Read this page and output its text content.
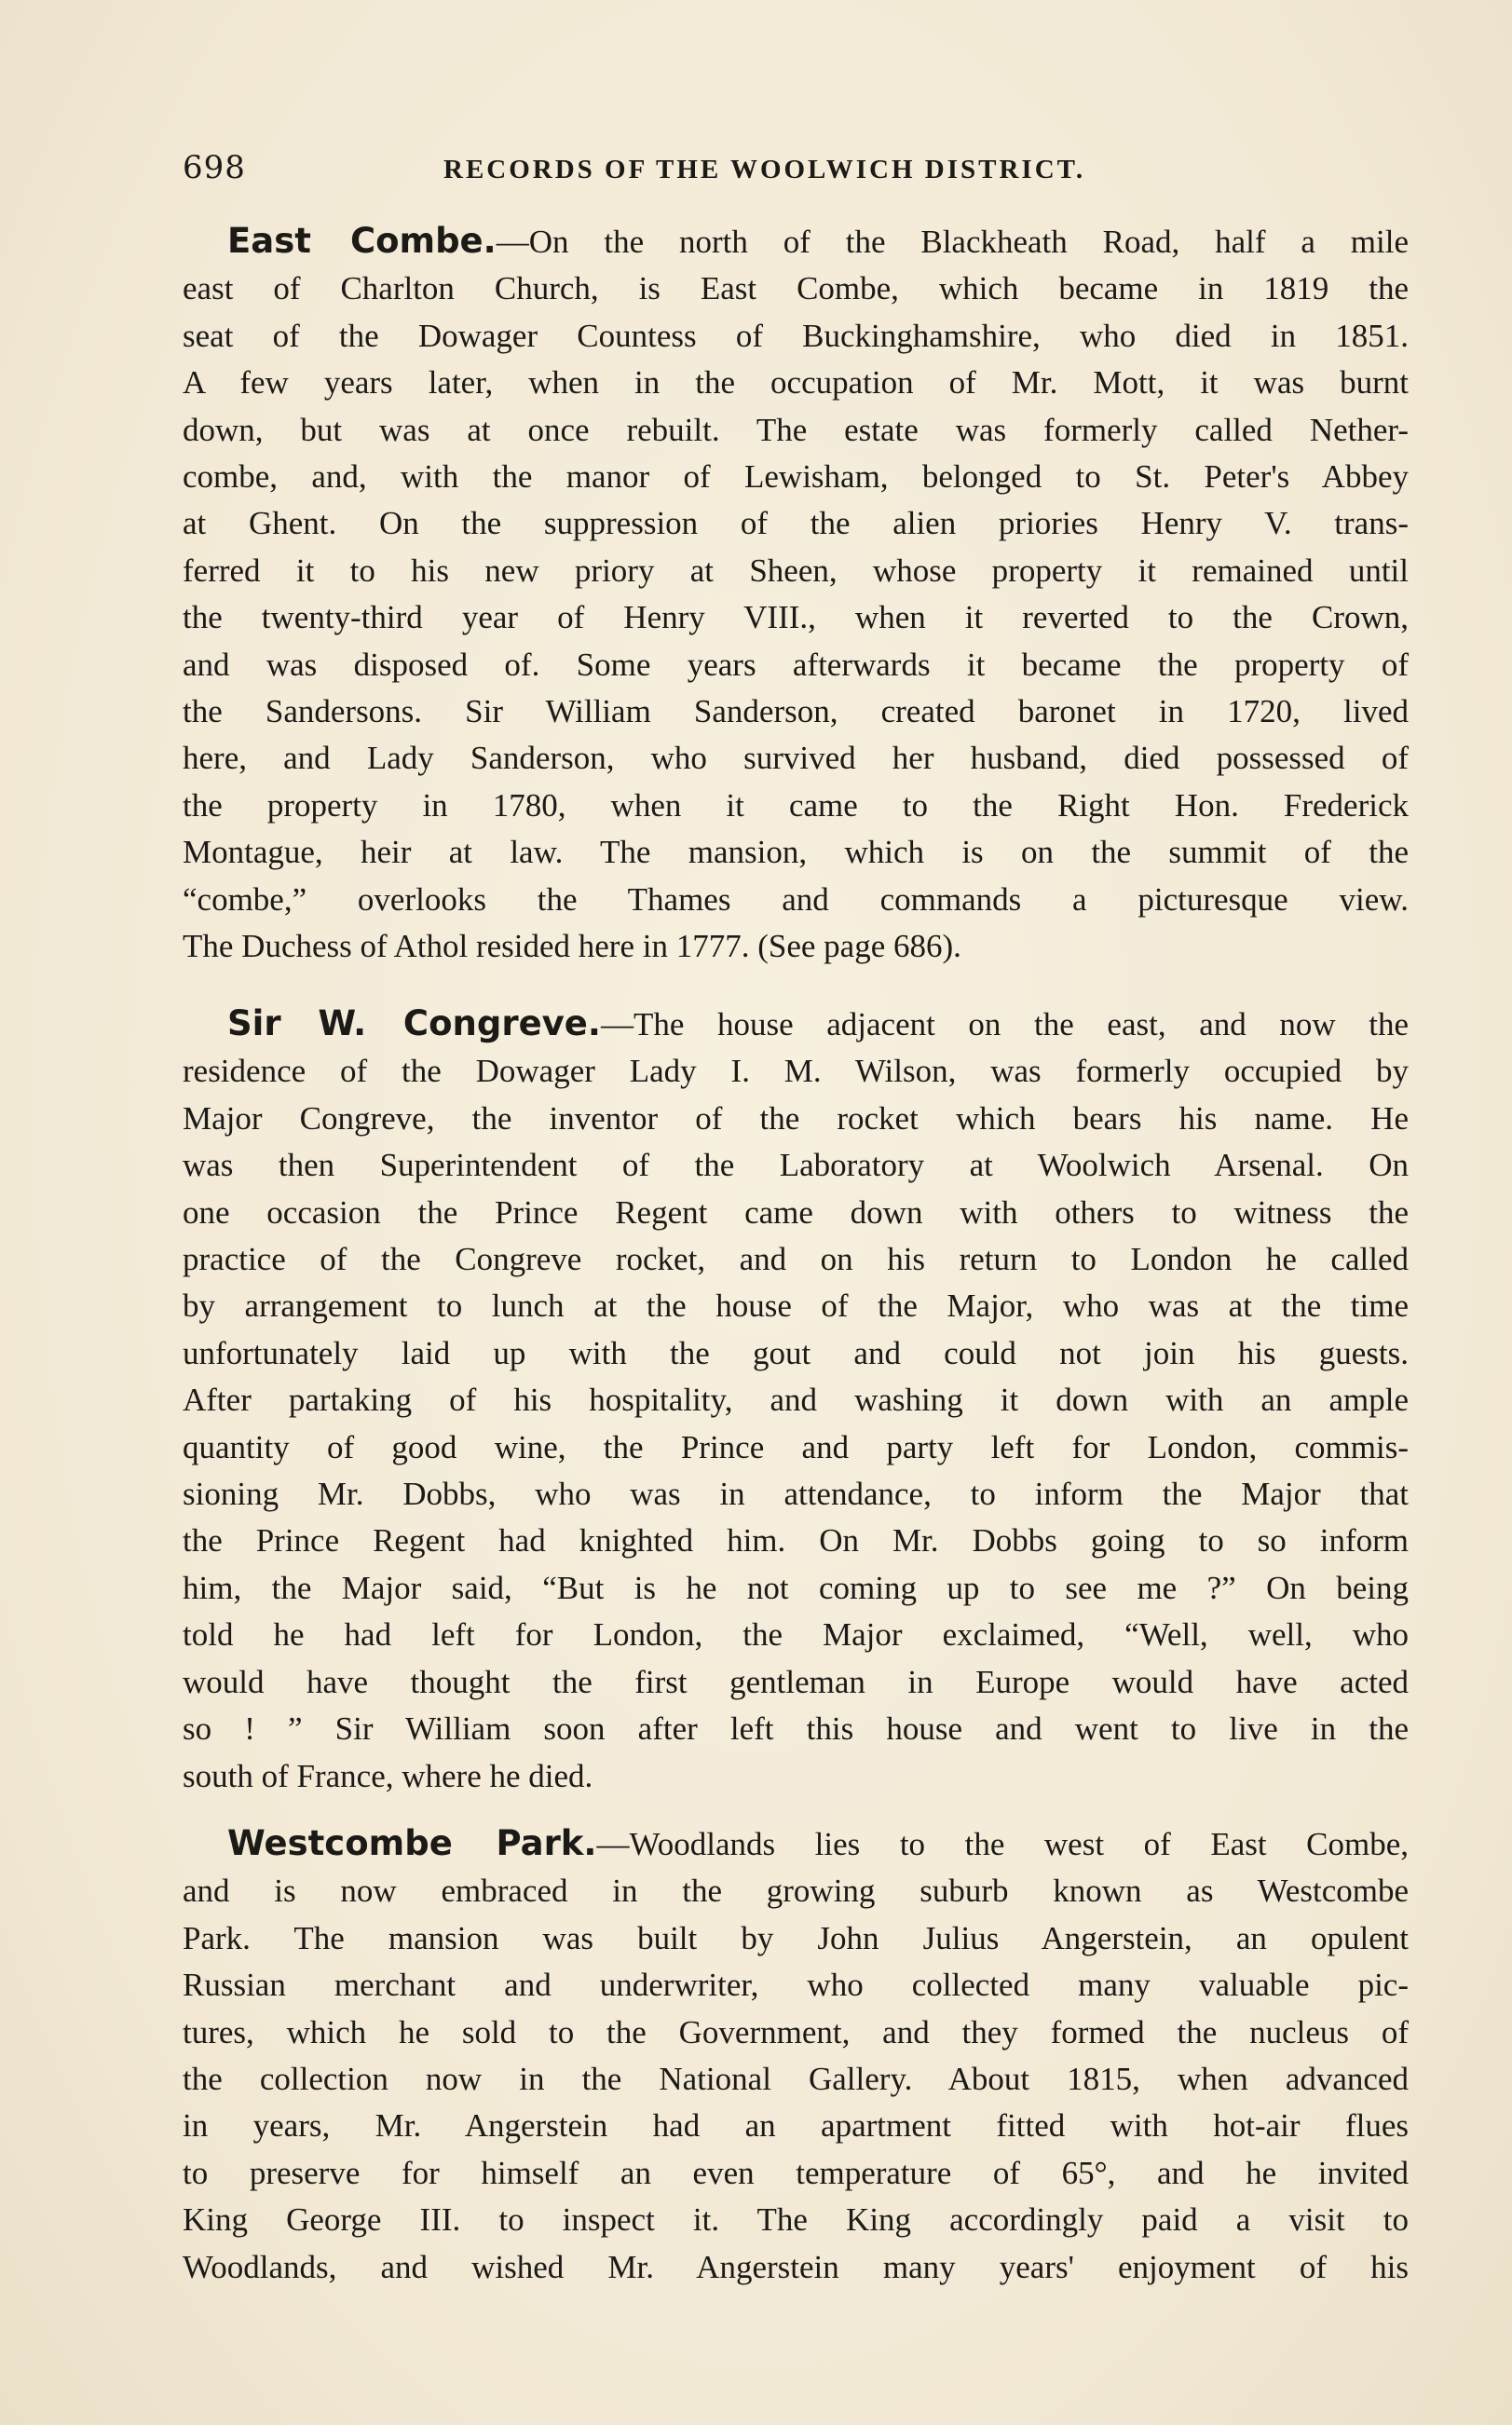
698	RECORDS OF THE WOOLWICH DISTRICT.
East Combe.—On the north of the Blackheath Road, half a mile
east of Charlton Church, is East Combe, which became in 1819 the
seat of the Dowager Countess of Buckinghamshire, who died in 1851.
A few years later, when in the occupation of Mr. Mott, it was burnt
down, but was at once rebuilt. The estate was formerly called Nether-
combe, and, with the manor of Lewisham, belonged to St. Peter's Abbey
at Ghent. On the suppression of the alien priories Henry V. trans-
ferred it to his new priory at Sheen, whose property it remained until
the twenty-third year of Henry VIII., when it reverted to the Crown,
and was disposed of. Some years afterwards it became the property of
the Sandersons. Sir William Sanderson, created baronet in 1720, lived
here, and Lady Sanderson, who survived her husband, died possessed of
the property in 1780, when it came to the Right Hon. Frederick
Montague, heir at law. The mansion, which is on the summit of the
“combe,” overlooks the Thames and commands a picturesque view.
The Duchess of Athol resided here in 1777. (See page 686).
Sir W. Congreve.—The house adjacent on the east, and now the
residence of the Dowager Lady I. M. Wilson, was formerly occupied by
Major Congreve, the inventor of the rocket which bears his name. He
was then Superintendent of the Laboratory at Woolwich Arsenal. On
one occasion the Prince Regent came down with others to witness the
practice of the Congreve rocket, and on his return to London he called
by arrangement to lunch at the house of the Major, who was at the time
unfortunately laid up with the gout and could not join his guests.
After partaking of his hospitality, and washing it down with an ample
quantity of good wine, the Prince and party left for London, commis-
sioning Mr. Dobbs, who was in attendance, to inform the Major that
the Prince Regent had knighted him. On Mr. Dobbs going to so inform
him, the Major said, “But is he not coming up to see me ?” On being
told he had left for London, the Major exclaimed, “Well, well, who
would have thought the first gentleman in Europe would have acted
so ! ” Sir William soon after left this house and went to live in the
south of France, where he died.
Westcombe Park.—Woodlands lies to the west of East Combe,
and is now embraced in the growing suburb known as Westcombe
Park. The mansion was built by John Julius Angerstein, an opulent
Russian merchant and underwriter, who collected many valuable pic-
tures, which he sold to the Government, and they formed the nucleus of
the collection now in the National Gallery. About 1815, when advanced
in years, Mr. Angerstein had an apartment fitted with hot-air flues
to preserve for himself an even temperature of 65°, and he invited
King George III. to inspect it. The King accordingly paid a visit to
Woodlands, and wished Mr. Angerstein many years' enjoyment of his
